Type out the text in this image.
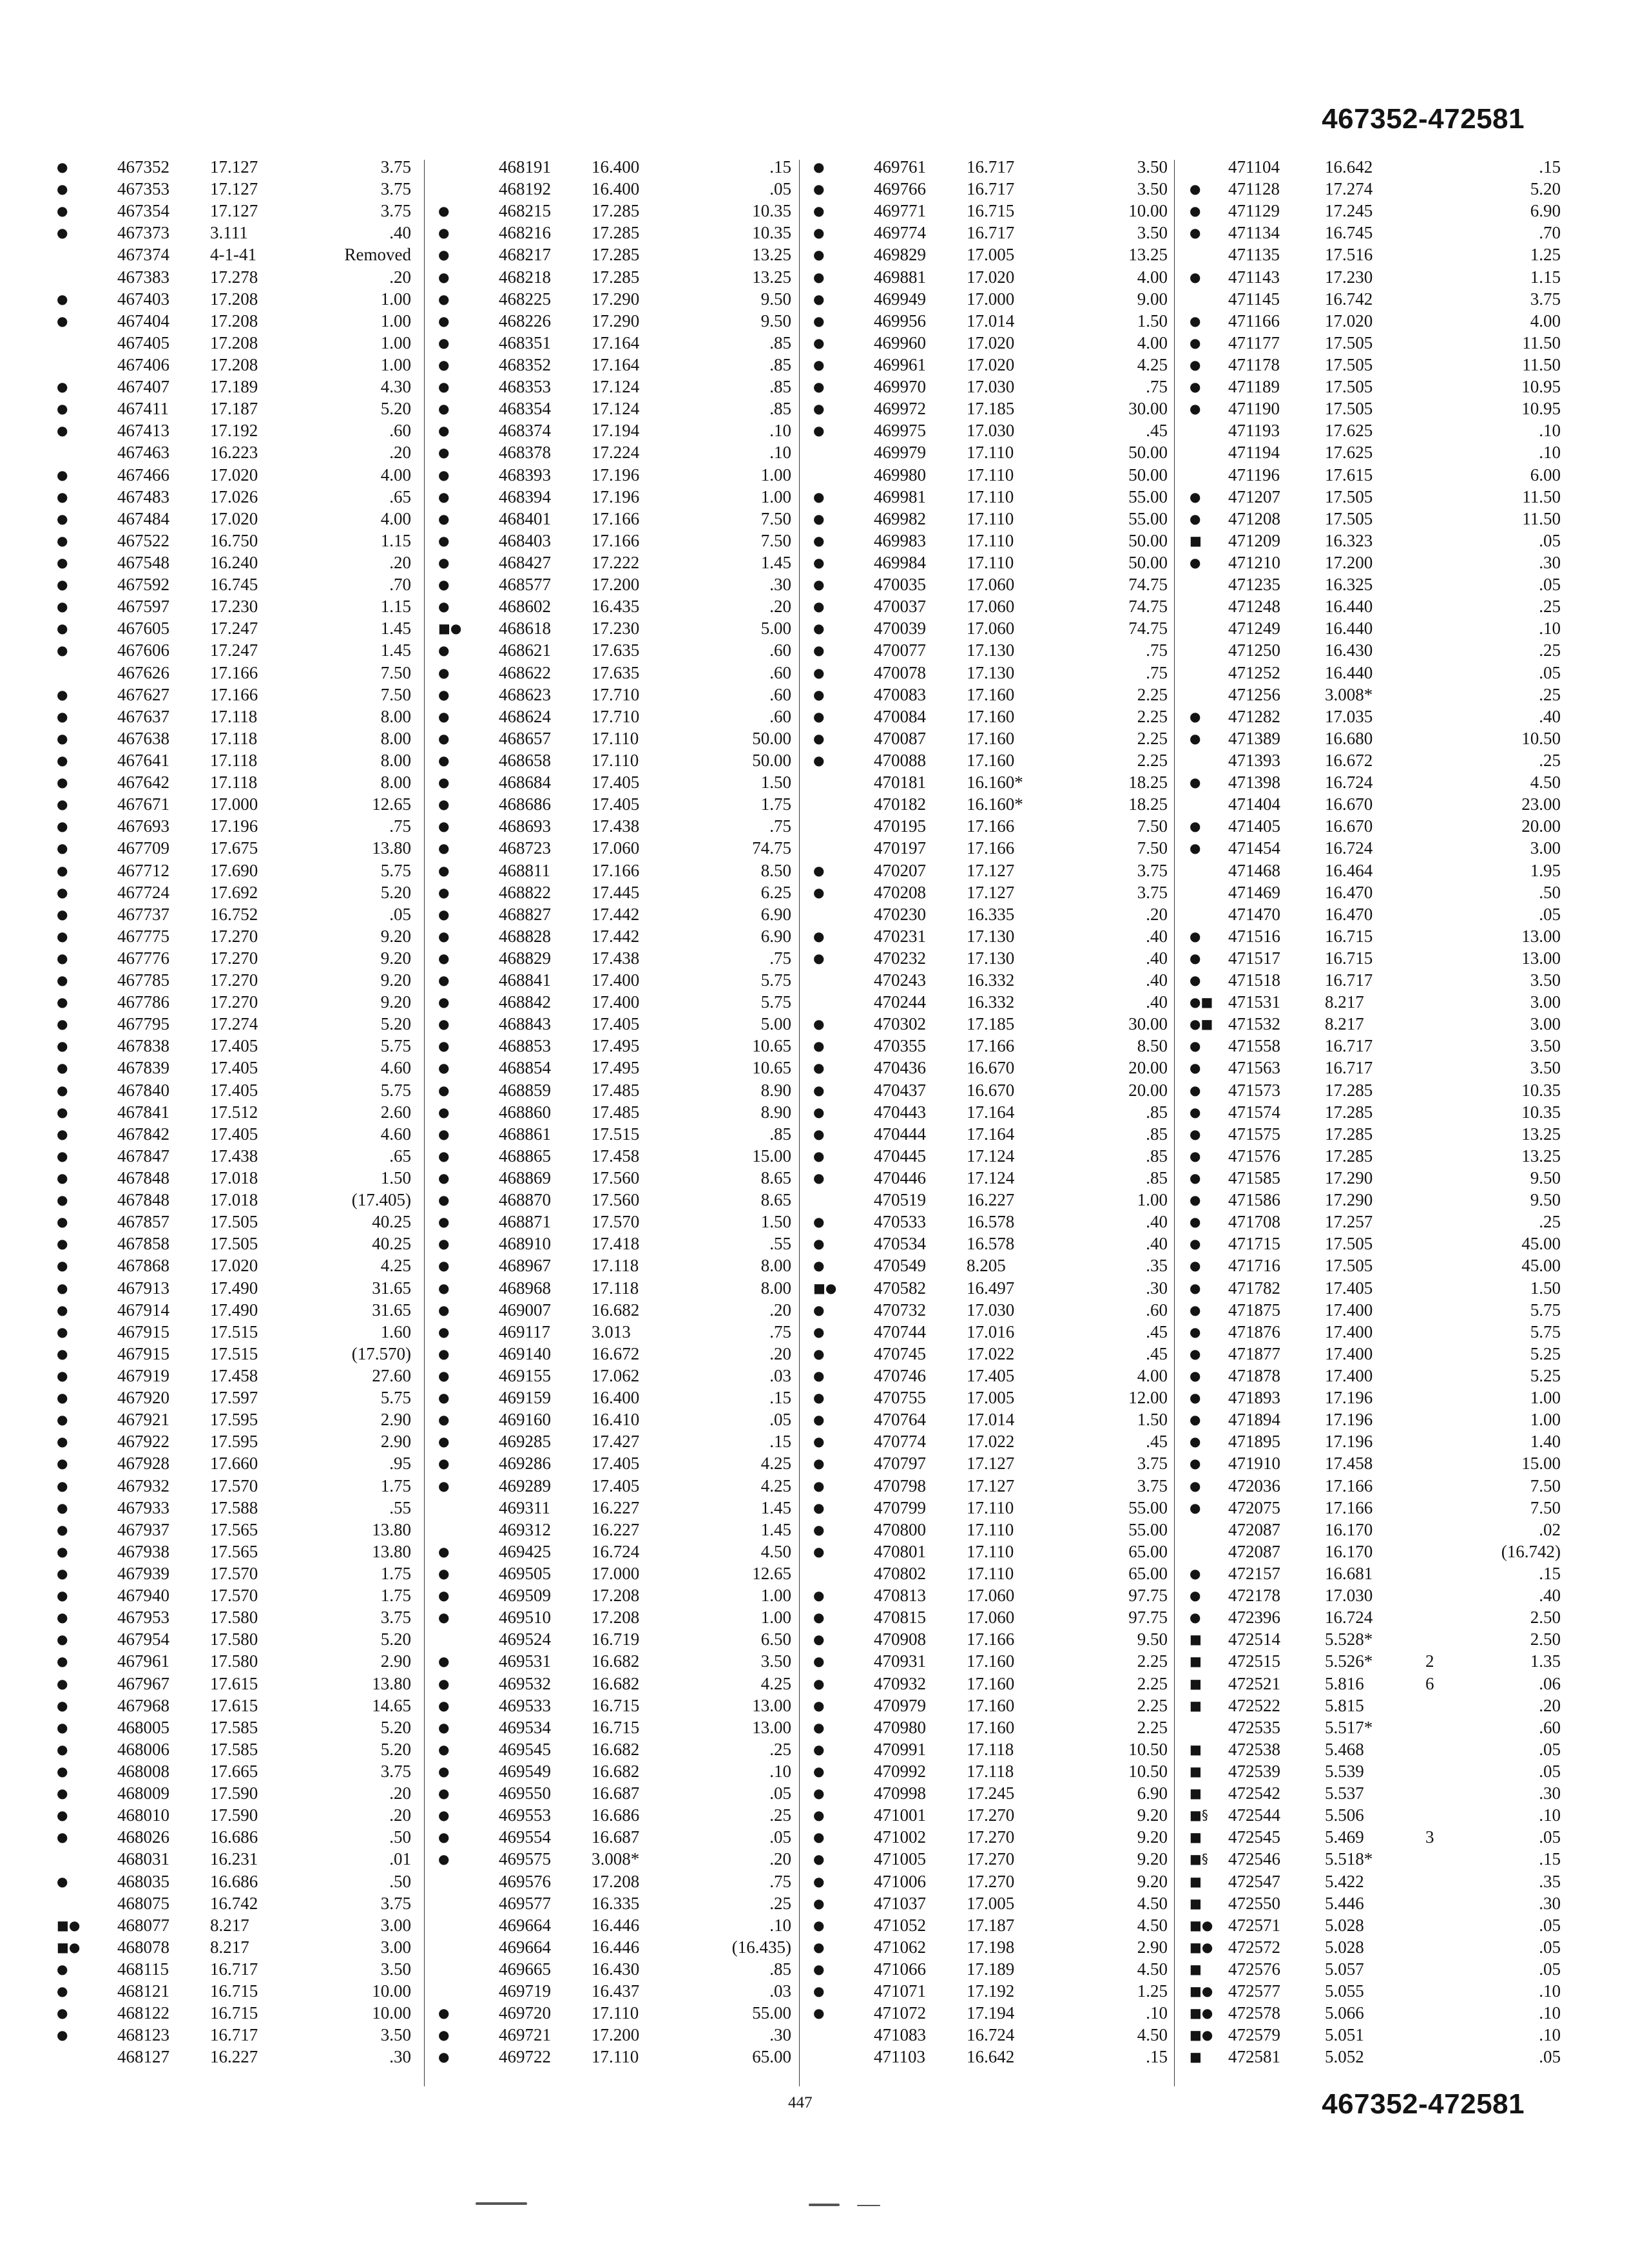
467352-472581
●	467352	17.127	3.75
●	467353	17.127	3.75
●	467354	17.127	3.75
●	467373	3.111	.40
467374	4-1-41	Removed
467383	17.278	.20
●	467403	17.208	1.00
●	467404	17.208	1.00
467405	17.208	1.00
467406	17.208	1.00
●	467407	17.189	4.30
●	467411	17.187	5.20
●	467413	17.192	.60
467463	16.223	.20
●	467466	17.020	4.00
●	467483	17.026	.65
●	467484	17.020	4.00
●	467522	16.750	1.15
●	467548	16.240	.20
●	467592	16.745	.70
●	467597	17.230	1.15
●	467605	17.247	1.45
●	467606	17.247	1.45
467626	17.166	7.50
●	467627	17.166	7.50
●	467637	17.118	8.00
●	467638	17.118	8.00
●	467641	17.118	8.00
●	467642	17.118	8.00
●	467671	17.000	12.65
●	467693	17.196	.75
●	467709	17.675	13.80
●	467712	17.690	5.75
●	467724	17.692	5.20
●	467737	16.752	.05
●	467775	17.270	9.20
●	467776	17.270	9.20
●	467785	17.270	9.20
●	467786	17.270	9.20
●	467795	17.274	5.20
●	467838	17.405	5.75
●	467839	17.405	4.60
●	467840	17.405	5.75
●	467841	17.512	2.60
●	467842	17.405	4.60
●	467847	17.438	.65
●	467848	17.018	1.50
●	467848	17.018	(17.405)
●	467857	17.505	40.25
●	467858	17.505	40.25
●	467868	17.020	4.25
●	467913	17.490	31.65
●	467914	17.490	31.65
●	467915	17.515	1.60
●	467915	17.515	(17.570)
●	467919	17.458	27.60
●	467920	17.597	5.75
●	467921	17.595	2.90
●	467922	17.595	2.90
●	467928	17.660	.95
●	467932	17.570	1.75
●	467933	17.588	.55
●	467937	17.565	13.80
●	467938	17.565	13.80
●	467939	17.570	1.75
●	467940	17.570	1.75
●	467953	17.580	3.75
●	467954	17.580	5.20
●	467961	17.580	2.90
●	467967	17.615	13.80
●	467968	17.615	14.65
●	468005	17.585	5.20
●	468006	17.585	5.20
●	468008	17.665	3.75
●	468009	17.590	.20
●	468010	17.590	.20
●	468026	16.686	.50
468031	16.231	.01
●	468035	16.686	.50
468075	16.742	3.75
■●	468077	8.217	3.00
■●	468078	8.217	3.00
●	468115	16.717	3.50
●	468121	16.715	10.00
●	468122	16.715	10.00
●	468123	16.717	3.50
468127	16.227	.30
468191	16.400	.15
468192	16.400	.05
●	468215	17.285	10.35
●	468216	17.285	10.35
●	468217	17.285	13.25
●	468218	17.285	13.25
●	468225	17.290	9.50
●	468226	17.290	9.50
●	468351	17.164	.85
●	468352	17.164	.85
●	468353	17.124	.85
●	468354	17.124	.85
●	468374	17.194	.10
●	468378	17.224	.10
●	468393	17.196	1.00
●	468394	17.196	1.00
●	468401	17.166	7.50
●	468403	17.166	7.50
●	468427	17.222	1.45
●	468577	17.200	.30
●	468602	16.435	.20
■●	468618	17.230	5.00
●	468621	17.635	.60
●	468622	17.635	.60
●	468623	17.710	.60
●	468624	17.710	.60
●	468657	17.110	50.00
●	468658	17.110	50.00
●	468684	17.405	1.50
●	468686	17.405	1.75
●	468693	17.438	.75
●	468723	17.060	74.75
●	468811	17.166	8.50
●	468822	17.445	6.25
●	468827	17.442	6.90
●	468828	17.442	6.90
●	468829	17.438	.75
●	468841	17.400	5.75
●	468842	17.400	5.75
●	468843	17.405	5.00
●	468853	17.495	10.65
●	468854	17.495	10.65
●	468859	17.485	8.90
●	468860	17.485	8.90
●	468861	17.515	.85
●	468865	17.458	15.00
●	468869	17.560	8.65
●	468870	17.560	8.65
●	468871	17.570	1.50
●	468910	17.418	.55
●	468967	17.118	8.00
●	468968	17.118	8.00
●	469007	16.682	.20
●	469117	3.013	.75
●	469140	16.672	.20
●	469155	17.062	.03
●	469159	16.400	.15
●	469160	16.410	.05
●	469285	17.427	.15
●	469286	17.405	4.25
●	469289	17.405	4.25
469311	16.227	1.45
469312	16.227	1.45
●	469425	16.724	4.50
●	469505	17.000	12.65
●	469509	17.208	1.00
●	469510	17.208	1.00
469524	16.719	6.50
●	469531	16.682	3.50
●	469532	16.682	4.25
●	469533	16.715	13.00
●	469534	16.715	13.00
●	469545	16.682	.25
●	469549	16.682	.10
●	469550	16.687	.05
●	469553	16.686	.25
●	469554	16.687	.05
●	469575	3.008*	.20
469576	17.208	.75
469577	16.335	.25
469664	16.446	.10
469664	16.446	(16.435)
469665	16.430	.85
469719	16.437	.03
●	469720	17.110	55.00
●	469721	17.200	.30
●	469722	17.110	65.00
●	469761	16.717	3.50
●	469766	16.717	3.50
●	469771	16.715	10.00
●	469774	16.717	3.50
●	469829	17.005	13.25
●	469881	17.020	4.00
●	469949	17.000	9.00
●	469956	17.014	1.50
●	469960	17.020	4.00
●	469961	17.020	4.25
●	469970	17.030	.75
●	469972	17.185	30.00
●	469975	17.030	.45
469979	17.110	50.00
469980	17.110	50.00
●	469981	17.110	55.00
●	469982	17.110	55.00
●	469983	17.110	50.00
●	469984	17.110	50.00
●	470035	17.060	74.75
●	470037	17.060	74.75
●	470039	17.060	74.75
●	470077	17.130	.75
●	470078	17.130	.75
●	470083	17.160	2.25
●	470084	17.160	2.25
●	470087	17.160	2.25
●	470088	17.160	2.25
470181	16.160*	18.25
470182	16.160*	18.25
470195	17.166	7.50
470197	17.166	7.50
●	470207	17.127	3.75
●	470208	17.127	3.75
470230	16.335	.20
●	470231	17.130	.40
●	470232	17.130	.40
470243	16.332	.40
470244	16.332	.40
●	470302	17.185	30.00
●	470355	17.166	8.50
●	470436	16.670	20.00
●	470437	16.670	20.00
●	470443	17.164	.85
●	470444	17.164	.85
●	470445	17.124	.85
●	470446	17.124	.85
470519	16.227	1.00
●	470533	16.578	.40
●	470534	16.578	.40
●	470549	8.205	.35
■●	470582	16.497	.30
●	470732	17.030	.60
●	470744	17.016	.45
●	470745	17.022	.45
●	470746	17.405	4.00
●	470755	17.005	12.00
●	470764	17.014	1.50
●	470774	17.022	.45
●	470797	17.127	3.75
●	470798	17.127	3.75
●	470799	17.110	55.00
●	470800	17.110	55.00
●	470801	17.110	65.00
470802	17.110	65.00
●	470813	17.060	97.75
●	470815	17.060	97.75
●	470908	17.166	9.50
●	470931	17.160	2.25
●	470932	17.160	2.25
●	470979	17.160	2.25
●	470980	17.160	2.25
●	470991	17.118	10.50
●	470992	17.118	10.50
●	470998	17.245	6.90
●	471001	17.270	9.20
●	471002	17.270	9.20
●	471005	17.270	9.20
●	471006	17.270	9.20
●	471037	17.005	4.50
●	471052	17.187	4.50
●	471062	17.198	2.90
●	471066	17.189	4.50
●	471071	17.192	1.25
●	471072	17.194	.10
471083	16.724	4.50
471103	16.642	.15
471104	16.642	.15
●	471128	17.274	5.20
●	471129	17.245	6.90
●	471134	16.745	.70
471135	17.516	1.25
●	471143	17.230	1.15
471145	16.742	3.75
●	471166	17.020	4.00
●	471177	17.505	11.50
●	471178	17.505	11.50
●	471189	17.505	10.95
●	471190	17.505	10.95
471193	17.625	.10
471194	17.625	.10
471196	17.615	6.00
●	471207	17.505	11.50
●	471208	17.505	11.50
■	471209	16.323	.05
●	471210	17.200	.30
471235	16.325	.05
471248	16.440	.25
471249	16.440	.10
471250	16.430	.25
471252	16.440	.05
471256	3.008*	.25
●	471282	17.035	.40
●	471389	16.680	10.50
471393	16.672	.25
●	471398	16.724	4.50
471404	16.670	23.00
●	471405	16.670	20.00
●	471454	16.724	3.00
471468	16.464	1.95
471469	16.470	.50
471470	16.470	.05
●	471516	16.715	13.00
●	471517	16.715	13.00
●	471518	16.717	3.50
●■ 471531	8.217	3.00
●■ 471532	8.217	3.00
●	471558	16.717	3.50
●	471563	16.717	3.50
●	471573	17.285	10.35
●	471574	17.285	10.35
●	471575	17.285	13.25
●	471576	17.285	13.25
●	471585	17.290	9.50
●	471586	17.290	9.50
●	471708	17.257	.25
●	471715	17.505	45.00
●	471716	17.505	45.00
●	471782	17.405	1.50
●	471875	17.400	5.75
●	471876	17.400	5.75
●	471877	17.400	5.25
●	471878	17.400	5.25
●	471893	17.196	1.00
●	471894	17.196	1.00
●	471895	17.196	1.40
●	471910	17.458	15.00
●	472036	17.166	7.50
●	472075	17.166	7.50
472087	16.170	.02
472087	16.170	(16.742)
●	472157	16.681	.15
●	472178	17.030	.40
●	472396	16.724	2.50
■	472514	5.528*	2.50
■	472515	5.526*	2	1.35
■	472521	5.816	6	.06
■	472522	5.815	.20
472535	5.517*	.60
■	472538	5.468	.05
■	472539	5.539	.05
■	472542	5.537	.30
■§	472544	5.506	.10
■	472545	5.469	3	.05
■§	472546	5.518*	.15
■	472547	5.422	.35
■	472550	5.446	.30
■● 472571	5.028	.05
■● 472572	5.028	.05
■	472576	5.057	.05
■● 472577	5.055	.10
■● 472578	5.066	.10
■● 472579	5.051	.10
■	472581	5.052	.05
447	467352-472581
